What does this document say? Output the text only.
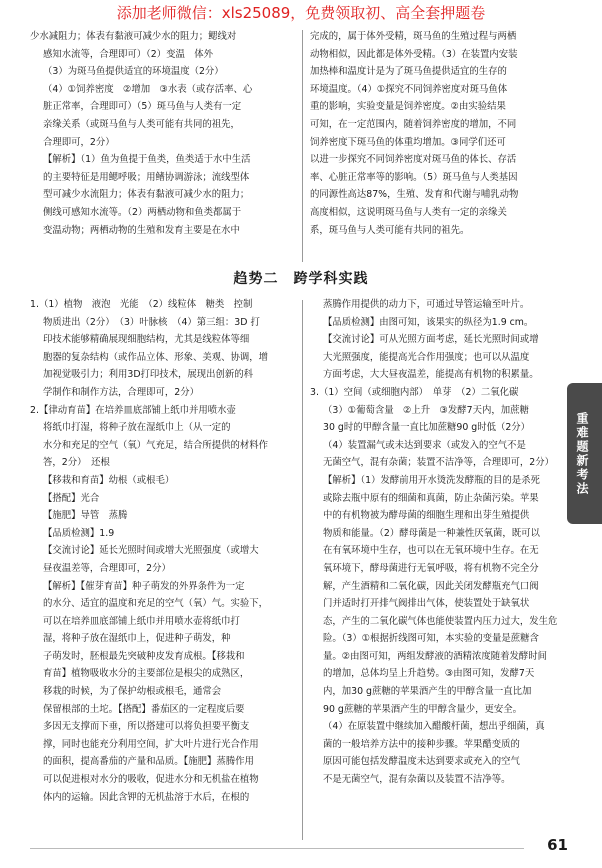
添加老师微信：xls25089，免费领取初、高全套押题卷

少水减阻力；体表有黏液可减少水的阻力；鳃线对

感知水流等，合理即可）（2）变温　体外

（3）为斑马鱼提供适宜的环境温度（2分）

（4）①饲养密度　②增加　③水表（或存活率、心

脏正常率，合理即可）（5）斑马鱼与人类有一定

亲缘关系（或斑马鱼与人类可能有共同的祖先，

合理即可，2分）

【解析】（1）鱼为鱼提于鱼类，鱼类适于水中生活

的主要特征是用鳃呼吸；用鳍协调游泳；流线型体

型可减少水流阻力；体表有黏液可减少水的阻力；

侧线可感知水流等。（2）两栖动物和鱼类都属于

变温动物；两栖动物的生殖和发育主要是在水中

完成的，属于体外受精，斑马鱼的生殖过程与两栖

动物相似，因此都是体外受精。（3）在装置内安装

加热棒和温度计是为了斑马鱼提供适宜的生存的

环境温度。（4）①探究不同饲养密度对斑马鱼体

重的影响，实验变量是饲养密度。②由实验结果

可知，在一定范围内，随着饲养密度的增加，不同

饲养密度下斑马鱼的体重均增加。③同学们还可

以进一步探究不同饲养密度对斑马鱼的体长、存活

率、心脏正常率等的影响。（5）斑马鱼与人类基因

的同源性高达87%，生殖、发育和代谢与哺乳动物

高度相似，这说明斑马鱼与人类有一定的亲缘关

系，斑马鱼与人类可能有共同的祖先。

趋势二　跨学科实践

1.（1）植物　液泡　光能　（2）线粒体　糖类　控制

物质进出（2分）　（3）叶脉核　（4）第三组：3D 打

印技术能够精确展现细胞结构，尤其是线粒体等细

胞器的复杂结构（或作品立体、形象、美观、协调，增

加视觉吸引力；利用3D打印技术，展现出创新的科

学制作和制作方法，合理即可，2分）

2.【律动育苗】在培养皿底部铺上纸巾并用喷水壶

将纸巾打湿，将种子放在湿纸巾上（从一定的

水分和充足的空气（氧）气充足，结合所提供的材料作

答，2分）　还根

【移栽和育苗】幼根（或根毛）

【搭配】光合

【施肥】导管　蒸腾

【品质检测】1.9

【交流讨论】延长光照时间或增大光照强度（或增大

昼夜温差等，合理即可，2分）

【解析】【催芽育苗】种子萌发的外界条件为一定

的水分、适宜的温度和充足的空气（氧）气。实验下，

可以在培养皿底部铺上纸巾并用喷水壶将纸巾打

湿，将种子放在湿纸巾上，促进种子萌发，种

子萌发时，胚根最先突破种皮发育成根。【移栽和

育苗】植物吸收水分的主要部位是根尖的成熟区，

移栽的时候，为了保护幼根或根毛，通常会

保留根部的土坨。【搭配】番茄区的一定程度后要

多因无支撑而下垂，所以搭建可以将负担要平衡支

撑，同时也能充分利用空间，扩大叶片进行光合作用

的面积，提高番茄的产量和品质。【施肥】蒸腾作用

可以促进根对水分的吸收，促进水分和无机盐在植物

体内的运输。因此含钾的无机盐溶于水后，在根的

蒸腾作用提供的动力下，可通过导管运输至叶片。

【品质检测】由图可知，该果实的纵径为1.9 cm。

【交流讨论】可从光照方面考虑，延长光照时间或增

大光照强度，能提高光合作用强度；也可以从温度

方面考虑，大大昼夜温差，能提高有机物的积累量。

3.（1）空间（或细胞内部）　单芽　（2）二氧化碳

（3）①葡萄含量　②上升　③发酵7天内，加蔗糖

30 g时的甲醇含量一直比加蔗糖90 g时低（2分）

（4）装置漏气或未达到要求（或发入的空气不是

无菌空气，混有杂菌；装置不洁净等，合理即可，2分）

【解析】（1）发酵前用开水烫洗发酵瓶的目的是杀死

或除去瓶中原有的细菌和真菌，防止杂菌污染。苹果

中的有机物被为酵母菌的细胞生理和出芽生殖提供

物质和能量。（2）酵母菌是一种兼性厌氧菌，既可以

在有氧环境中生存，也可以在无氧环境中生存。在无

氧环境下，酵母菌进行无氧呼吸，将有机物不完全分

解，产生酒精和二氧化碳，因此关闭发酵瓶充气口阀

门并适时打开排气阀排出气体，使装置处于缺氧状

态，产生的二氧化碳气体也能使装置内压力过大，发生危

险。（3）①根据折线图可知，本实验的变量是蔗糖含

量。②由图可知，两组发酵液的酒精浓度随着发酵时间

的增加，总体均呈上升趋势。③由图可知，发酵7天

内，加30 g蔗糖的苹果酒产生的甲醇含量一直比加

90 g蔗糖的苹果酒产生的甲醇含量少，更安全。

（4）在原装置中继续加入醋酸杆菌，想出乎细菌，真

菌的一般培养方法中的接种步骤。苹果醋变质的

原因可能包括发酵温度未达到要求或充入的空气

不是无菌空气，混有杂菌以及装置不洁净等。

重难题新考法
61
